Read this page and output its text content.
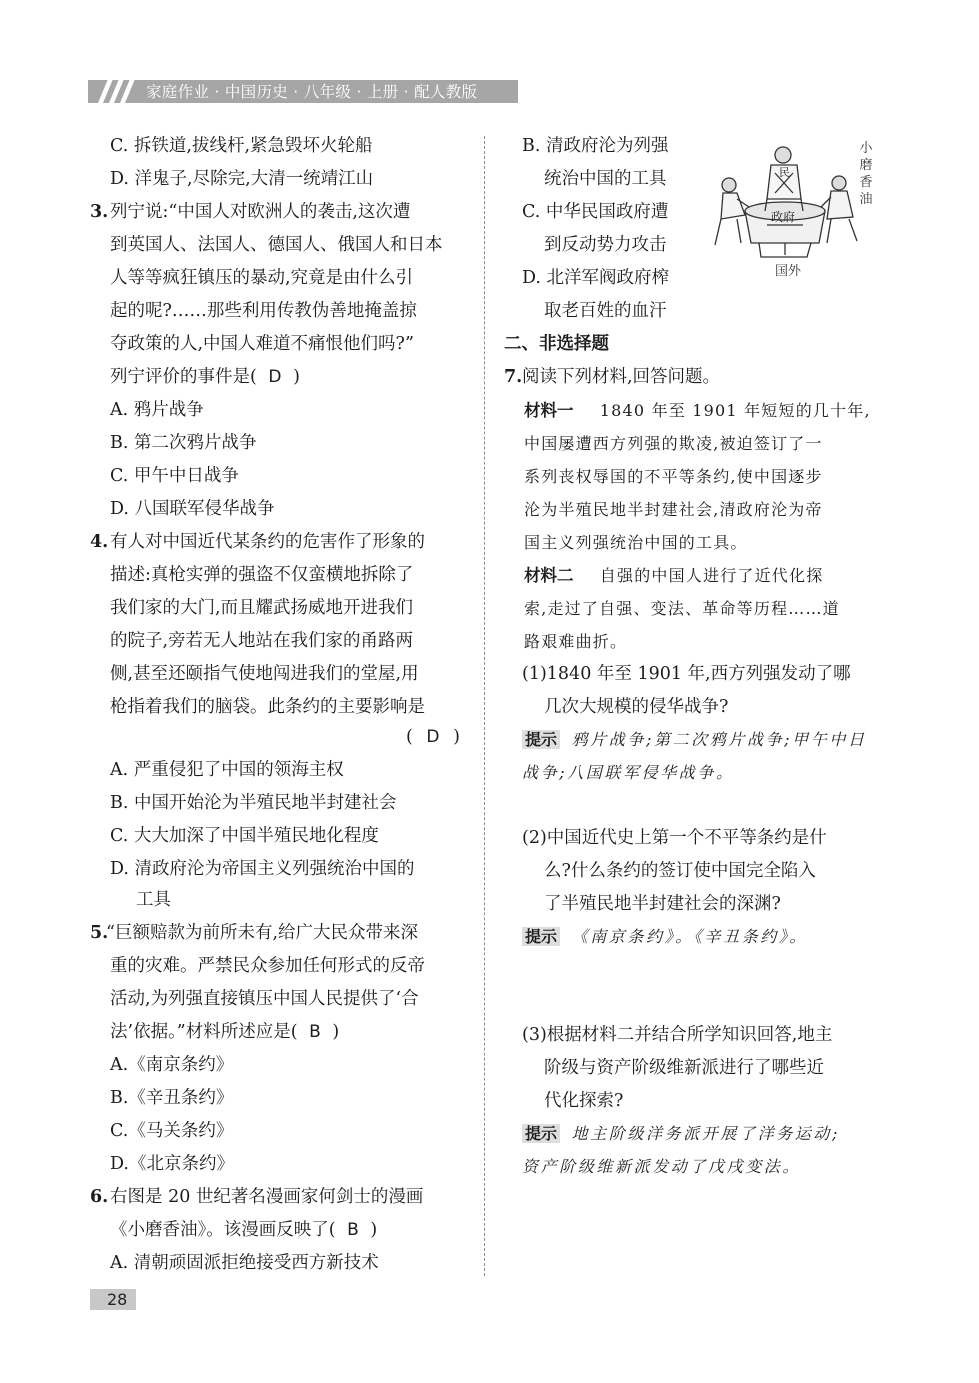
家庭作业 · 中国历史 · 八年级 · 上册 · 配人教版
C. 拆铁道,拔线杆,紧急毁坏火轮船
D. 洋鬼子,尽除完,大清一统靖江山
3. 列宁说:“中国人对欧洲人的袭击,这次遭
到英国人、法国人、德国人、俄国人和日本
人等等疯狂镇压的暴动,究竟是由什么引
起的呢?……那些利用传教伪善地掩盖掠
夺政策的人,中国人难道不痛恨他们吗?”
列宁评价的事件是( D )
A. 鸦片战争
B. 第二次鸦片战争
C. 甲午中日战争
D. 八国联军侵华战争
4. 有人对中国近代某条约的危害作了形象的
描述:真枪实弹的强盗不仅蛮横地拆除了
我们家的大门,而且耀武扬威地开进我们
的院子,旁若无人地站在我们家的甬路两
侧,甚至还颐指气使地闯进我们的堂屋,用
枪指着我们的脑袋。此条约的主要影响是
( D )
A. 严重侵犯了中国的领海主权
B. 中国开始沦为半殖民地半封建社会
C. 大大加深了中国半殖民地化程度
D. 清政府沦为帝国主义列强统治中国的
工具
5.
“巨额赔款为前所未有,给广大民众带来深
重的灾难。严禁民众参加任何形式的反帝
活动,为列强直接镇压中国人民提供了‘合
法’依据。”材料所述应是( B )
A.《南京条约》
B.《辛丑条约》
C.《马关条约》
D.《北京条约》
6. 右图是 20 世纪著名漫画家何剑士的漫画
《小磨香油》。该漫画反映了( B )
A. 清朝顽固派拒绝接受西方新技术
B. 清政府沦为列强
统治中国的工具
C. 中华民国政府遭
到反动势力攻击
D. 北洋军阀政府榨
取老百姓的血汗
民
政府
小磨香油
国外
二、非选择题
7. 阅读下列材料,回答问题。
材料一 1840 年至 1901 年短短的几十年,
中国屡遭西方列强的欺凌,被迫签订了一
系列丧权辱国的不平等条约,使中国逐步
沦为半殖民地半封建社会,清政府沦为帝
国主义列强统治中国的工具。
材料二 自强的中国人进行了近代化探
索,走过了自强、变法、革命等历程……道
路艰难曲折。
(1)1840 年至 1901 年,西方列强发动了哪
几次大规模的侵华战争?
提示 鸦片战争;第二次鸦片战争;甲午中日
战争;八国联军侵华战争。
(2)中国近代史上第一个不平等条约是什
么?什么条约的签订使中国完全陷入
了半殖民地半封建社会的深渊?
提示 《南京条约》。《辛丑条约》。
(3)根据材料二并结合所学知识回答,地主
阶级与资产阶级维新派进行了哪些近
代化探索?
提示 地主阶级洋务派开展了洋务运动;
资产阶级维新派发动了戊戌变法。
28
